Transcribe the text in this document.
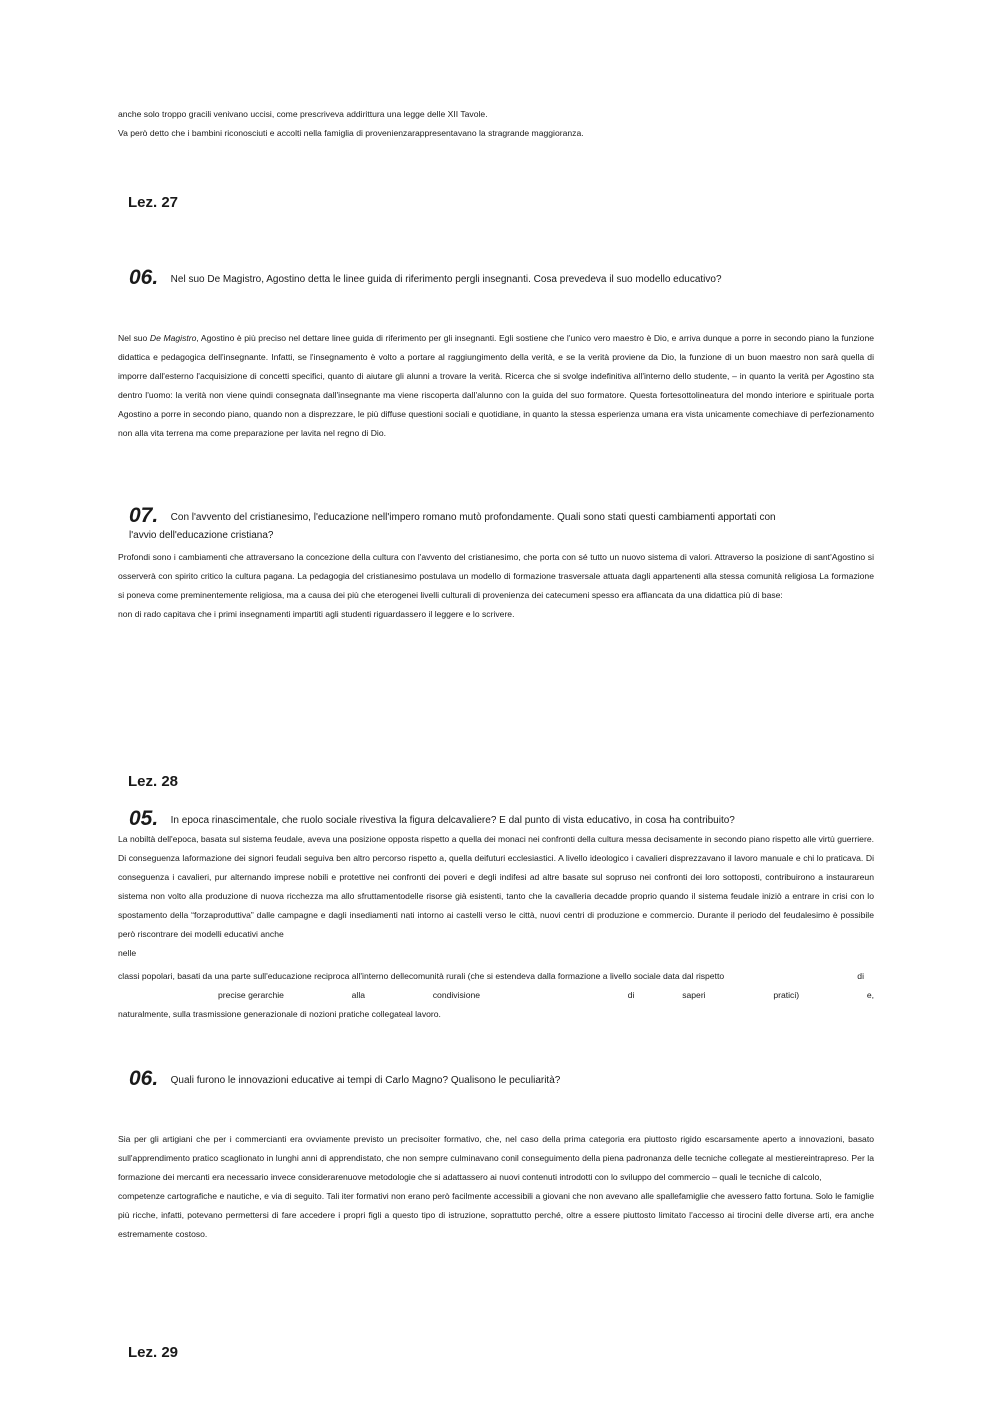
anche solo troppo gracili venivano uccisi, come prescriveva addirittura una legge delle XII Tavole.
Va però detto che i bambini riconosciuti e accolti nella famiglia di provenienzarappresentavano la stragrande maggioranza.
Lez. 27
06. Nel suo De Magistro, Agostino detta le linee guida di riferimento pergli insegnanti. Cosa prevedeva il suo modello educativo?

Nel suo De Magistro, Agostino è più preciso nel dettare linee guida di riferimento per gli insegnanti. Egli sostiene che l'unico vero maestro è Dio, e arriva dunque a porre in secondo piano la funzione didattica e pedagogica dell'insegnante. Infatti, se l'insegnamento è volto a portare al raggiungimento della verità, e se la verità proviene da Dio, la funzione di un buon maestro non sarà quella di imporre dall'esterno l'acquisizione di concetti specifici, quanto di aiutare gli alunni a trovare la verità. Ricerca che si svolge indefinitiva all'interno dello studente, – in quanto la verità per Agostino sta dentro l'uomo: la verità non viene quindi consegnata dall'insegnante ma viene riscoperta dall'alunno con la guida del suo formatore. Questa fortesottolineatura del mondo interiore e spirituale porta Agostino a porre in secondo piano, quando non a disprezzare, le più diffuse questioni sociali e quotidiane, in quanto la stessa esperienza umana era vista unicamente comechiave di perfezionamento non alla vita terrena ma come preparazione per lavita nel regno di Dio.

07. Con l'avvento del cristianesimo, l'educazione nell'impero romano mutò profondamente. Quali sono stati questi cambiamenti apportati con
l'avvio dell'educazione cristiana?

Profondi sono i cambiamenti che attraversano la concezione della cultura con l'avvento del cristianesimo, che porta con sé tutto un nuovo sistema di valori. Attraverso la posizione di sant'Agostino si osserverà con spirito critico la cultura pagana. La pedagogia del cristianesimo postulava un modello di formazione trasversale attuata dagli appartenenti alla stessa comunità religiosa La formazione si poneva come preminentemente religiosa, ma a causa dei più che eterogenei livelli culturali di provenienza dei catecumeni spesso era affiancata da una didattica più di base:

non di rado capitava che i primi insegnamenti impartiti agli studenti riguardassero il leggere e lo scrivere.

Lez. 28
05. In epoca rinascimentale, che ruolo sociale rivestiva la figura delcavaliere? E dal punto di vista educativo, in cosa ha contribuito?

La nobiltà dell'epoca, basata sul sistema feudale, aveva una posizione opposta rispetto a quella dei monaci nei confronti della cultura messa decisamente in secondo piano rispetto alle virtù guerriere. Di conseguenza laformazione dei signori feudali seguiva ben altro percorso rispetto a, quella deifuturi ecclesiastici. A livello ideologico i cavalieri disprezzavano il lavoro manuale e chi lo praticava. Di conseguenza i cavalieri, pur alternando imprese nobili e protettive nei confronti dei poveri e degli indifesi ad altre basate sul sopruso nei confronti dei loro sottoposti, contribuirono a instaurareun sistema non volto alla produzione di nuova ricchezza ma allo sfruttamentodelle risorse già esistenti, tanto che la cavalleria decadde proprio quando il sistema feudale iniziò a entrare in crisi con lo spostamento della “forzaproduttiva” dalle campagne e dagli insediamenti nati intorno ai castelli verso le città, nuovi centri di produzione e commercio. Durante il periodo del feudalesimo è possibile però riscontrare dei modelli educativi anche

nelle

classi popolari, basati da una parte sull'educazione reciproca all'interno dellecomunità rurali (che si estendeva dalla formazione a livello sociale data dal rispetto	di
precise gerarchie	alla	condivisione	di	saperi	pratici)	e,
naturalmente, sulla trasmissione generazionale di nozioni pratiche collegateal lavoro.
06. Quali furono le innovazioni educative ai tempi di Carlo Magno? Qualisono le peculiarità?

Sia per gli artigiani che per i commercianti era ovviamente previsto un precisoiter formativo, che, nel caso della prima categoria era piuttosto rigido escarsamente aperto a innovazioni, basato sull'apprendimento pratico scaglionato in lunghi anni di apprendistato, che non sempre culminavano conil conseguimento della piena padronanza delle tecniche collegate al mestiereintrapreso. Per la formazione dei mercanti era necessario invece considerarenuove metodologie che si adattassero ai nuovi contenuti introdotti con lo sviluppo del commercio – quali le tecniche di calcolo,

competenze cartografiche e nautiche, e via di seguito. Tali iter formativi non erano però facilmente accessibili a giovani che non avevano alle spallefamiglie che avessero fatto fortuna. Solo le famiglie più ricche, infatti, potevano permettersi di fare accedere i propri figli a questo tipo di istruzione, soprattutto perché, oltre a essere piuttosto limitato l'accesso ai tirocini delle diverse arti, era anche estremamente costoso.

Lez. 29
